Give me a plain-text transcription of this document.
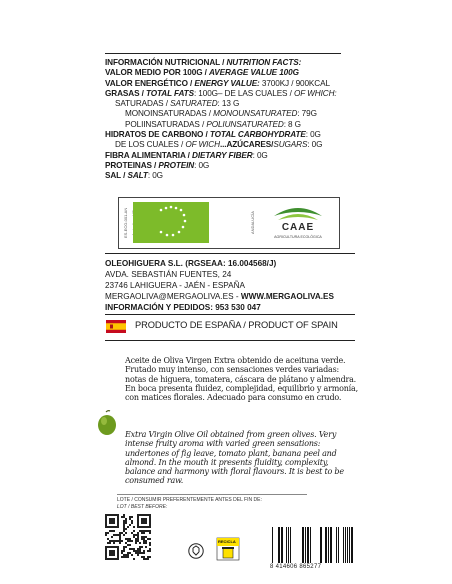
INFORMACIÓN NUTRICIONAL / NUTRITION FACTS:
VALOR MEDIO POR 100G / AVERAGE VALUE 100G
VALOR ENERGÉTICO / ENERGY VALUE: 3700KJ / 900KCAL
GRASAS / TOTAL FATS: 100G– DE LAS CUALES / OF WHICH:
SATURADAS / SATURATED: 13 G
MONOINSATURADAS / MONOUNSATURATED: 79G
POLIINSATURADAS / POLIUNSATURATED: 8 G
HIDRATOS DE CARBONO / TOTAL CARBOHYDRATE: 0G
DE LOS CUALES / OF WICH...AZÚCARES/SUGARS: 0G
FIBRA ALIMENTARIA / DIETARY FIBER: 0G
PROTEINAS / PROTEIN: 0G
SAL / SALT: 0G
ES-ECO-001-AN	ANDALUCÍA	CAAE
AGRICULTURA ECOLÓGICA
OLEOHIGUERA S.L. (RGSEAA: 16.004568/J)
AVDA. SEBASTIÁN FUENTES, 24
23746 LAHIGUERA - JAÉN - ESPAÑA
MERGAOLIVA@MERGAOLIVA.ES - WWW.MERGAOLIVA.ES
INFORMACIÓN Y PEDIDOS: 953 530 047
PRODUCTO DE ESPAÑA / PRODUCT OF SPAIN
Aceite de Oliva Virgen Extra obtenido de aceituna verde. Frutado muy intenso, con sensaciones verdes variadas: notas de higuera, tomatera, cáscara de plátano y almendra. En boca presenta fluidez, complejidad, equilibrio y armonía, con matices florales. Adecuado para consumo en crudo.
Extra Virgin Olive Oil obtained from green olives. Very intense fruity aroma with varied green sensations: undertones of fig leave, tomato plant, banana peel and almond. In the mouth it presents fluidity, complexity, balance and harmony with floral flavours. It is best to be consumed raw.
LOTE / CONSUMIR PREFERENTEMENTE ANTES DEL FIN DE:
LOT / BEST BEFORE:
RECICLA
8 414606 865277
